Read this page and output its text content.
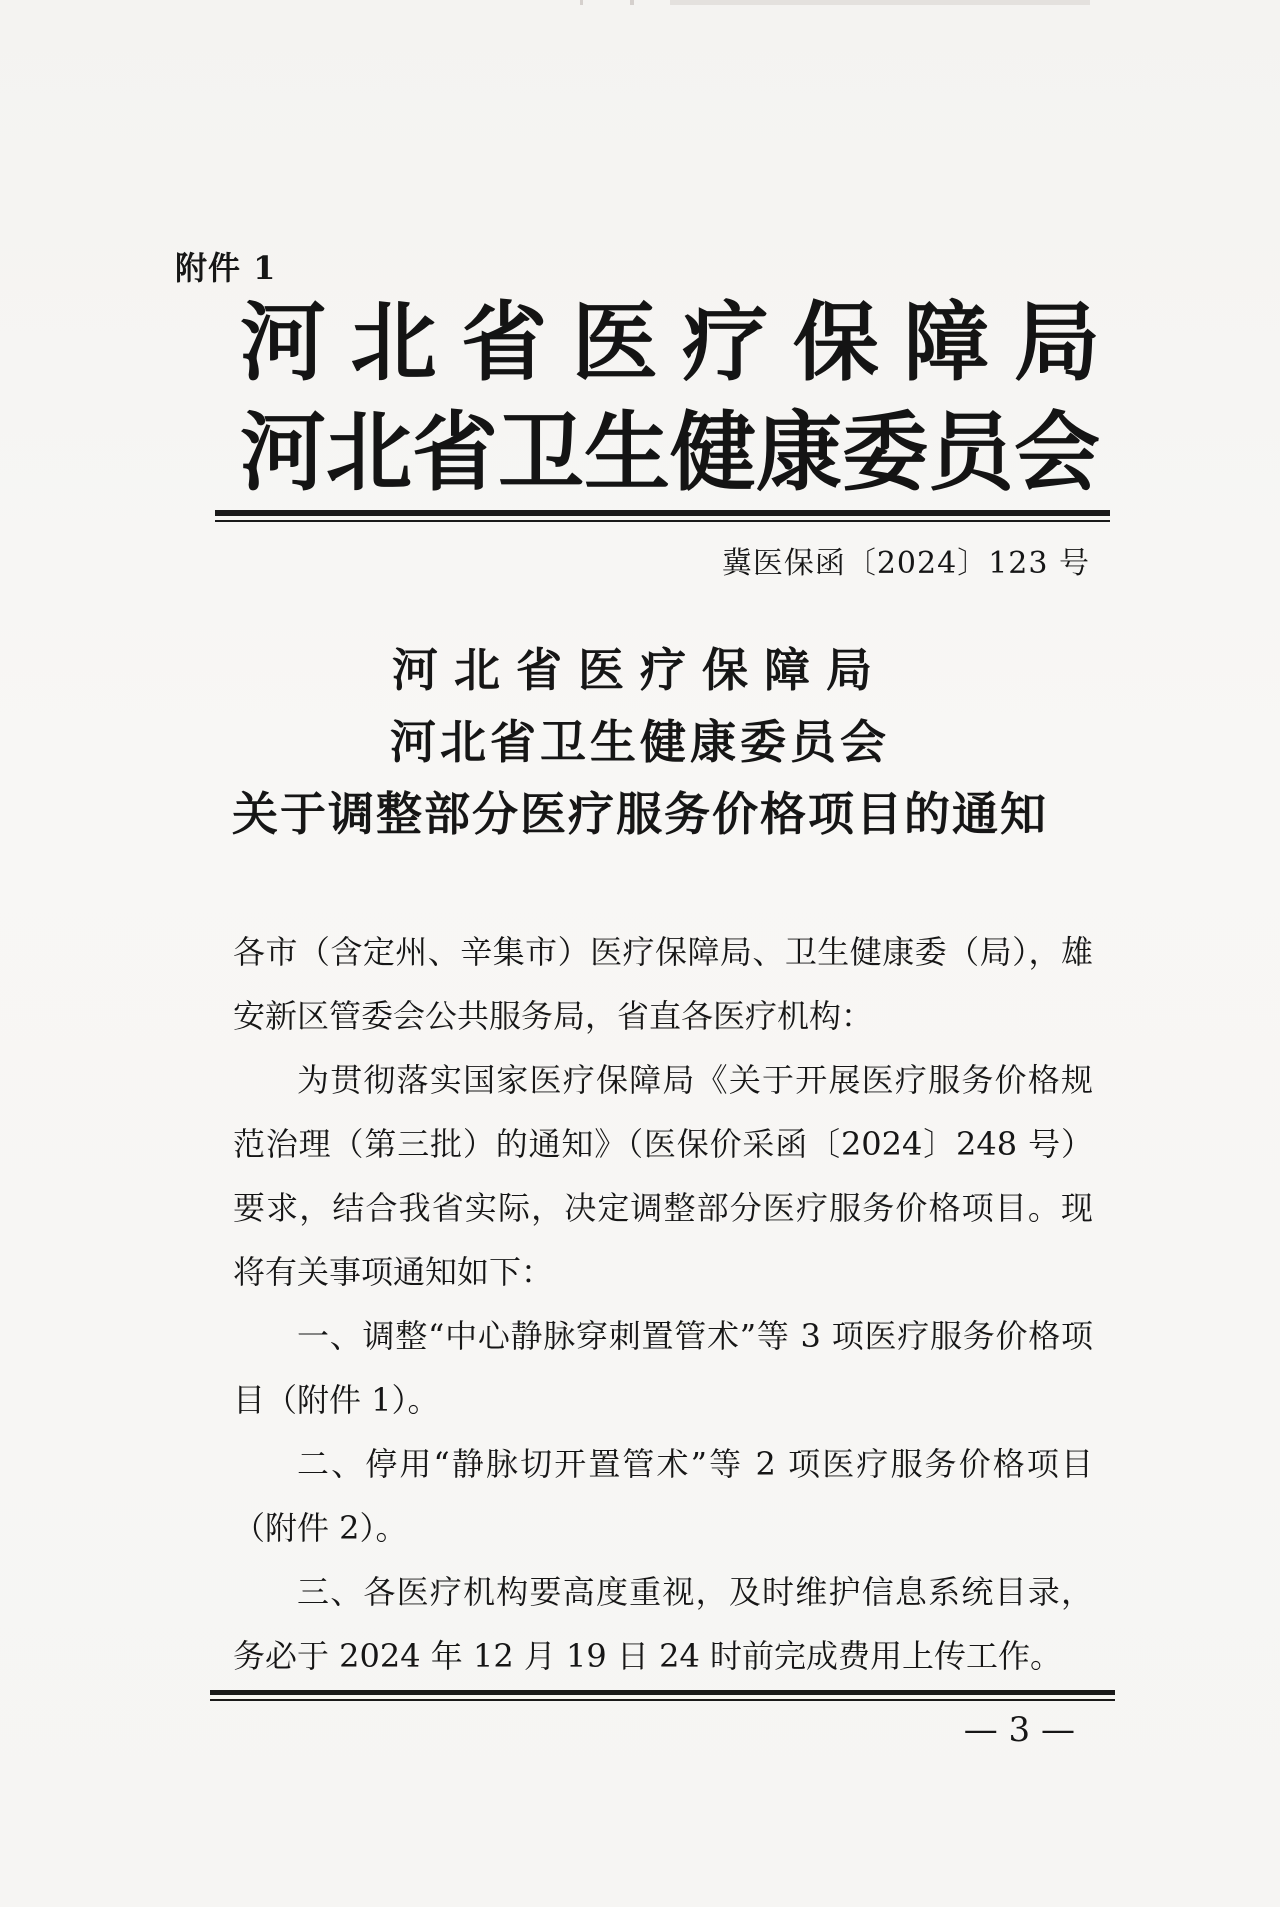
附件 1
河北省医疗保障局
河北省卫生健康委员会
冀医保函〔2024〕123 号
河北省医疗保障局
河北省卫生健康委员会
关于调整部分医疗服务价格项目的通知

各市（含定州、辛集市）医疗保障局、卫生健康委（局），雄安新区管委会公共服务局，省直各医疗机构：

为贯彻落实国家医疗保障局《关于开展医疗服务价格规范治理（第三批）的通知》（医保价采函〔2024〕248 号）要求，结合我省实际，决定调整部分医疗服务价格项目。现将有关事项通知如下：

一、调整“中心静脉穿刺置管术”等 3 项医疗服务价格项目（附件 1）。

二、停用“静脉切开置管术”等 2 项医疗服务价格项目（附件 2）。

三、各医疗机构要高度重视，及时维护信息系统目录，务必于 2024 年 12 月 19 日 24 时前完成费用上传工作。

— 3 —
